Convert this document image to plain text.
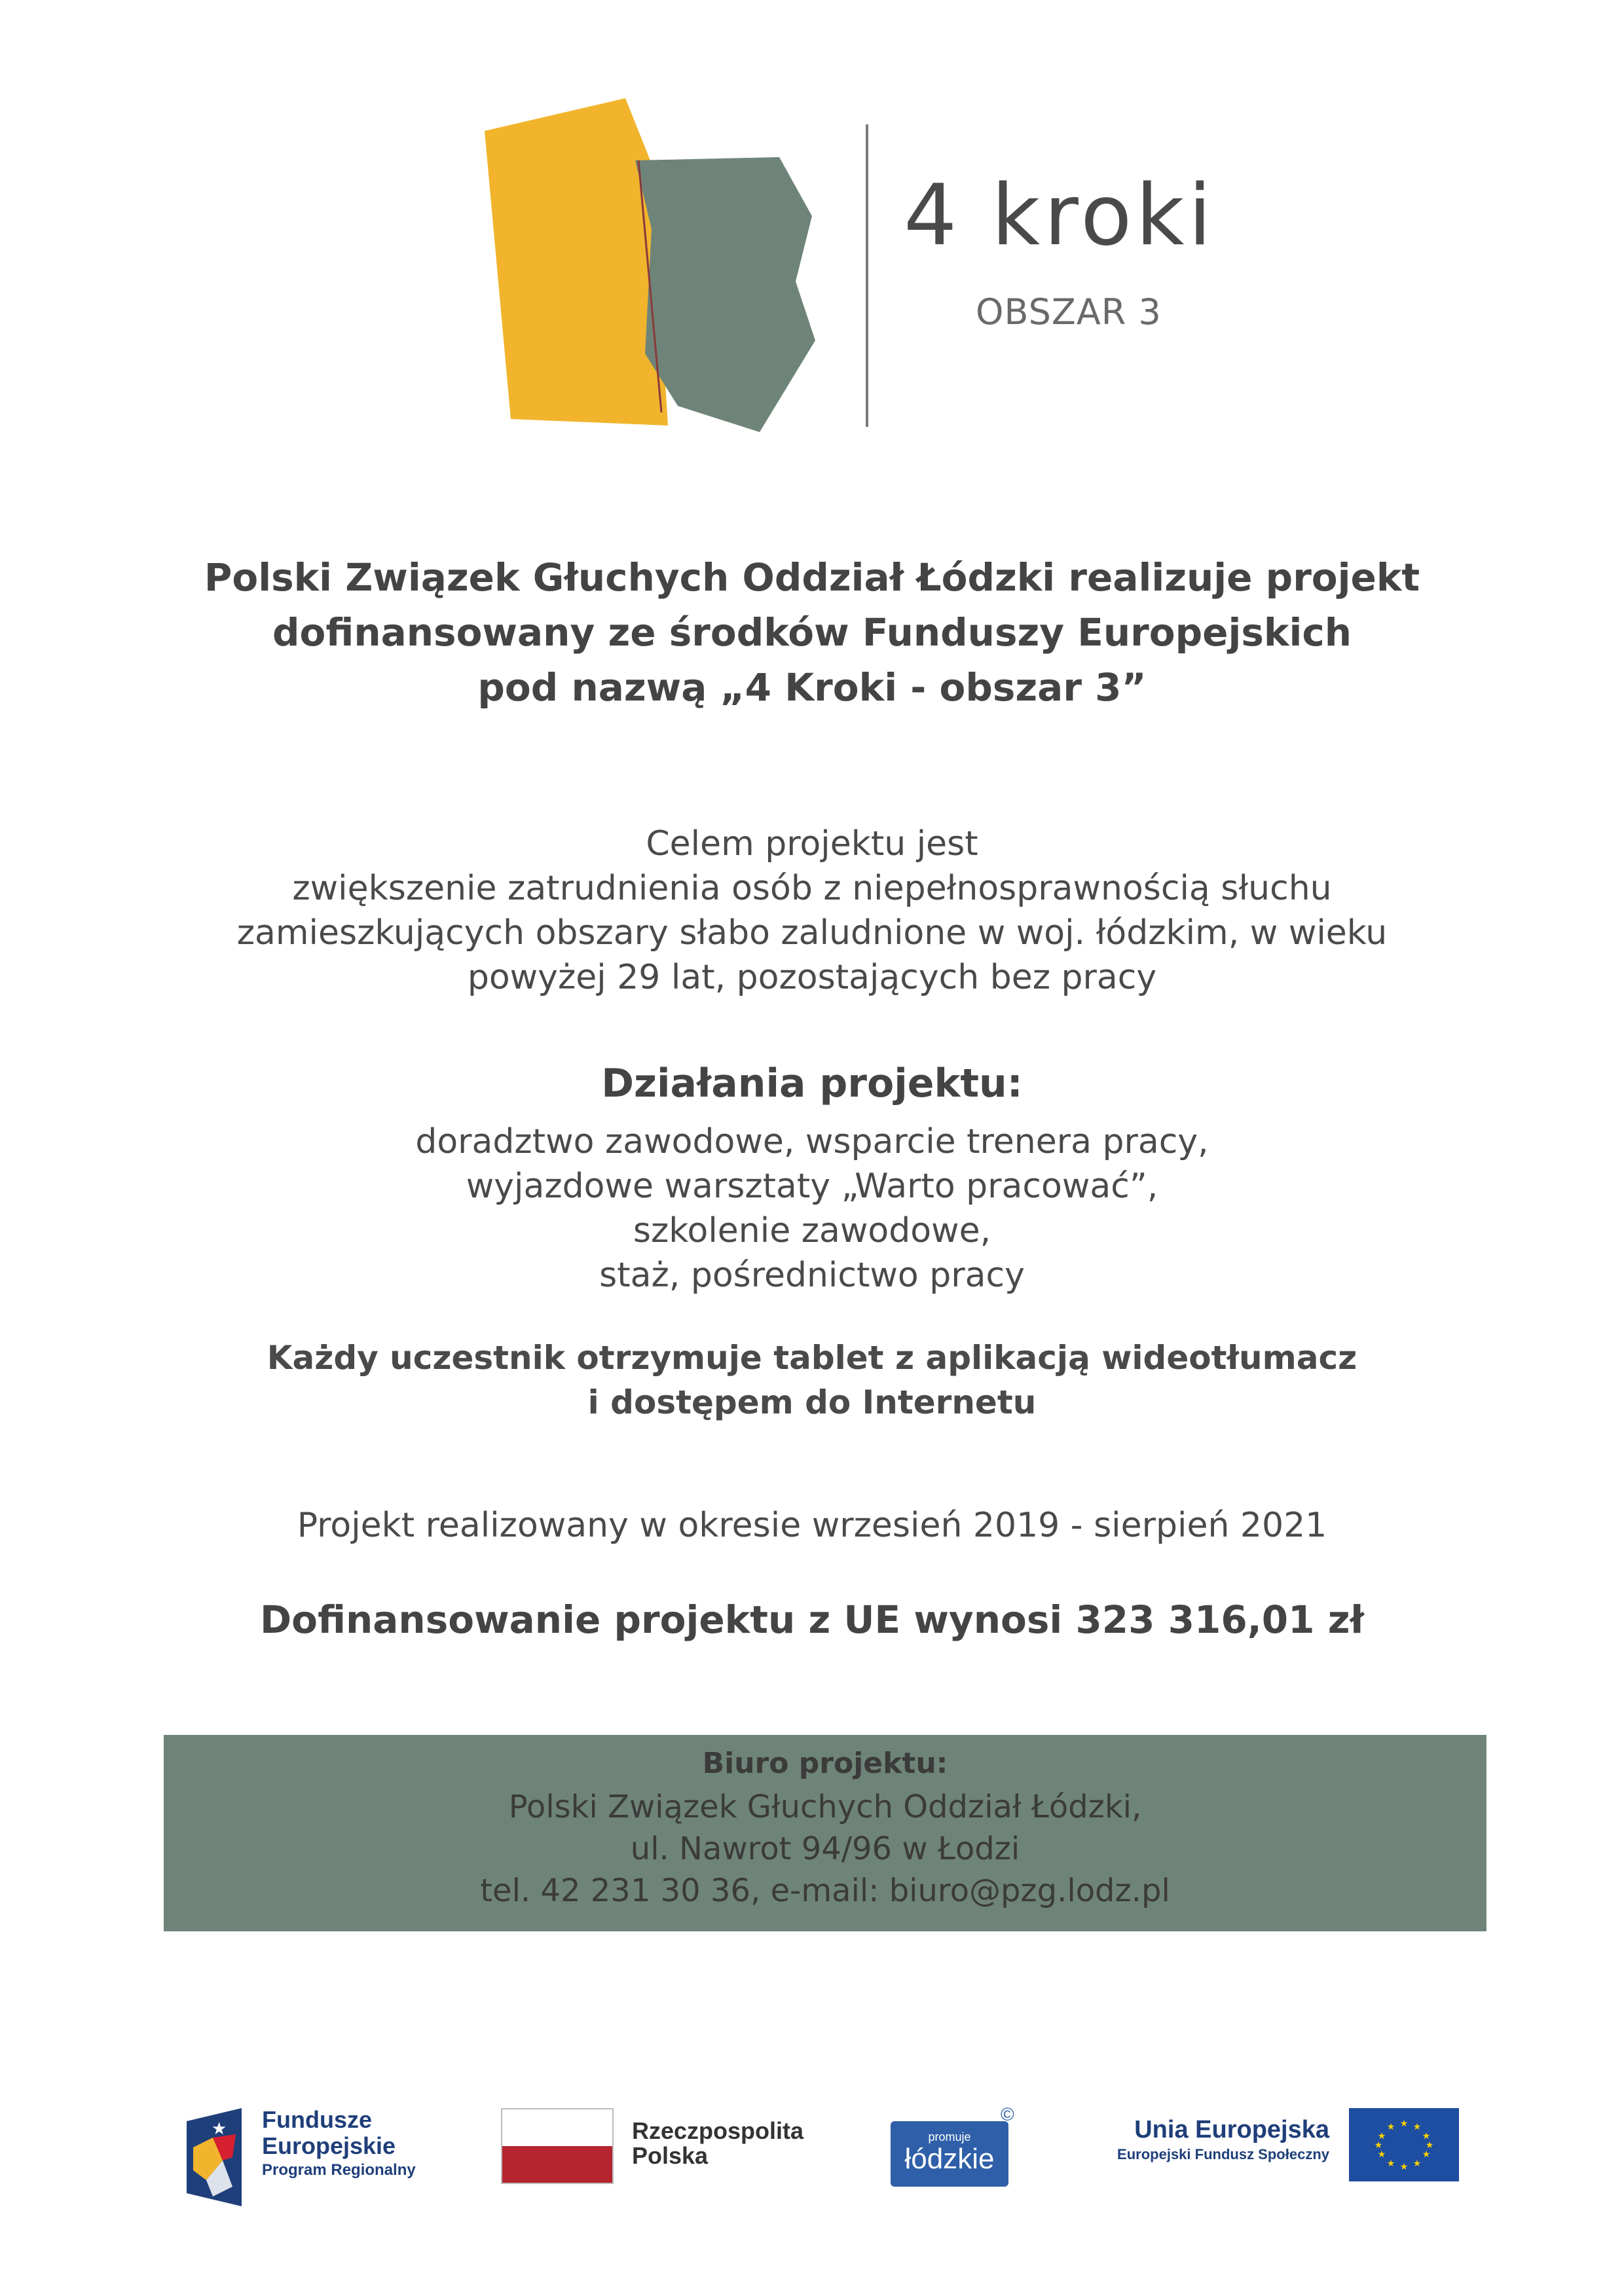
4 kroki
OBSZAR 3
Polski Związek Głuchych Oddział Łódzki realizuje projekt
dofinansowany ze środków Funduszy Europejskich
pod nazwą „4 Kroki - obszar 3”
Celem projektu jest
zwiększenie zatrudnienia osób z niepełnosprawnością słuchu
zamieszkujących obszary słabo zaludnione w woj. łódzkim, w wieku
powyżej 29 lat, pozostających bez pracy
Działania projektu:
doradztwo zawodowe, wsparcie trenera pracy,
wyjazdowe warsztaty „Warto pracować”,
szkolenie zawodowe,
staż, pośrednictwo pracy
Każdy uczestnik otrzymuje tablet z aplikacją wideotłumacz
i dostępem do Internetu
Projekt realizowany w okresie wrzesień 2019 - sierpień 2021
Dofinansowanie projektu z UE wynosi 323 316,01 zł
Biuro projektu:
Polski Związek Głuchych Oddział Łódzki,
ul. Nawrot 94/96 w Łodzi
tel. 42 231 30 36, e-mail: biuro@pzg.lodz.pl
★ Fundusze
Europejskie
Program Regionalny
Rzeczpospolita
Polska
promuje
łódzkie
©
Unia Europejska
Europejski Fundusz Społeczny
★ ★
★
★
★
★
★
★
★
★
★
★
